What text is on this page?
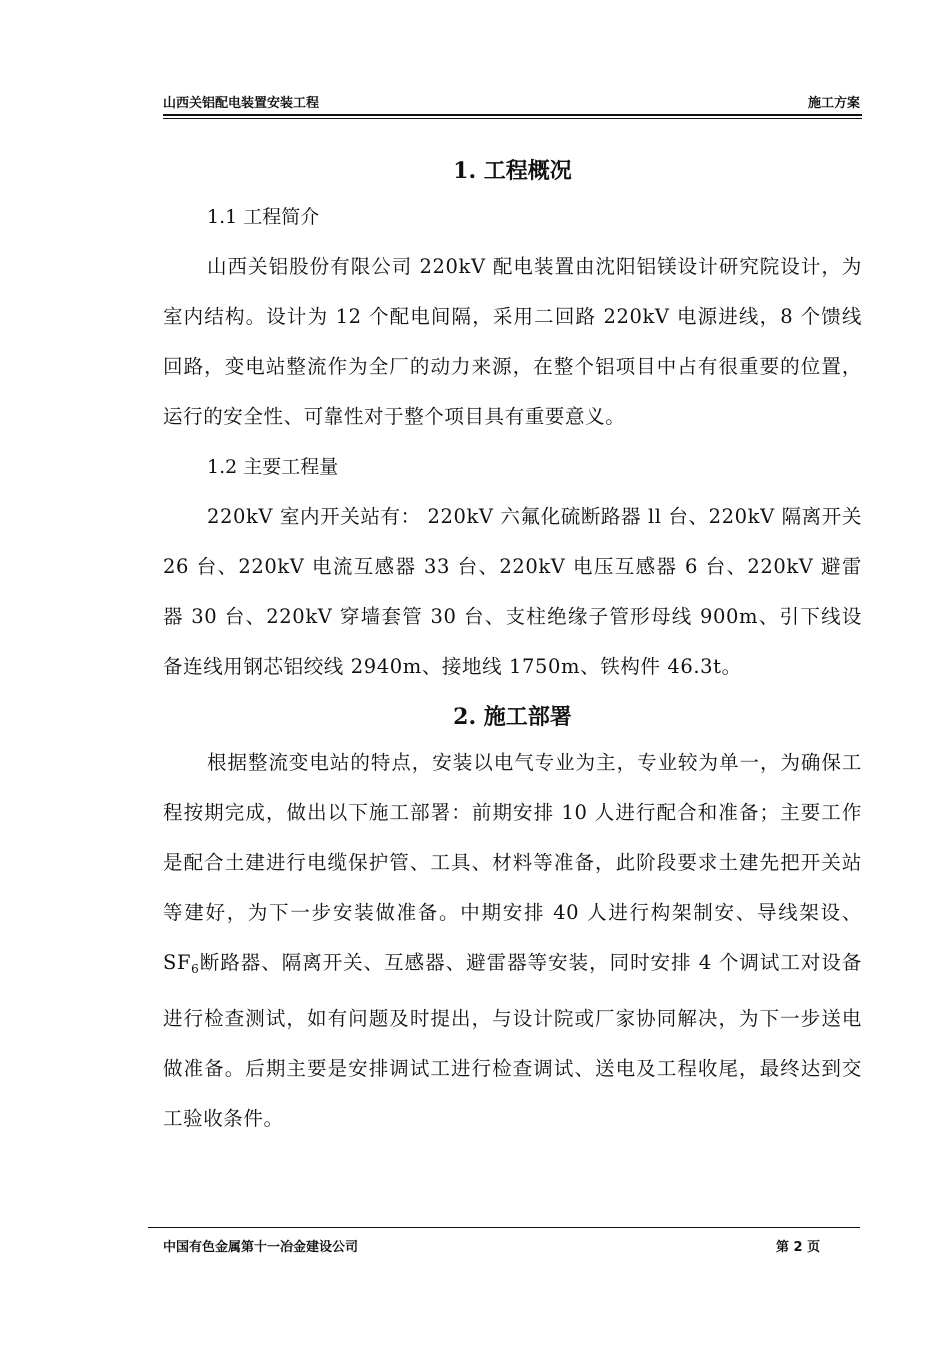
山西关铝配电装置安装工程	施工方案
1. 工程概况
1.1 工程简介
山西关铝股份有限公司 220kV 配电装置由沈阳铝镁设计研究院设计，为室内结构。设计为 12 个配电间隔，采用二回路 220kV 电源进线，8 个馈线回路，变电站整流作为全厂的动力来源，在整个铝项目中占有很重要的位置，运行的安全性、可靠性对于整个项目具有重要意义。
1.2 主要工程量
220kV 室内开关站有： 220kV 六氟化硫断路器 ll 台、220kV 隔离开关 26 台、220kV 电流互感器 33 台、220kV 电压互感器 6 台、220kV 避雷器 30 台、220kV 穿墙套管 30 台、支柱绝缘子管形母线 900m、引下线设备连线用钢芯铝绞线 2940m、接地线 1750m、铁构件 46.3t。
2. 施工部署
根据整流变电站的特点，安装以电气专业为主，专业较为单一，为确保工程按期完成，做出以下施工部署：前期安排 10 人进行配合和准备；主要工作是配合土建进行电缆保护管、工具、材料等准备，此阶段要求土建先把开关站等建好，为下一步安装做准备。中期安排 40 人进行构架制安、导线架设、$SF_6$断路器、隔离开关、互感器、避雷器等安装，同时安排 4 个调试工对设备进行检查测试，如有问题及时提出，与设计院或厂家协同解决，为下一步送电做准备。后期主要是安排调试工进行检查调试、送电及工程收尾，最终达到交工验收条件。
中国有色金属第十一冶金建设公司	第 2 页
